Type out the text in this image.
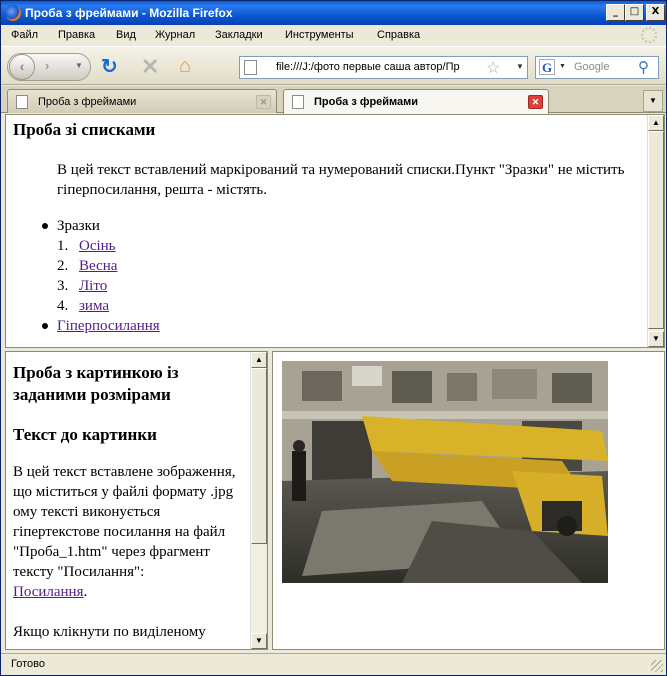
Проба з фреймами - Mozilla Firefox	_	□	X
Файл Правка Вид Журнал Закладки Инструменты Справка
‹	›	▼ ↻ ✕ ⌂	file:///J:/фото первые саша автор/Пр	☆ ▼ G ▼ Google ⚲
Проба з фреймами	✕	Проба з фреймами	✕	▼
Проба зі списками

В цей текст вставлений маркірований та нумерований списки.Пункт "Зразки" не містить гіперпосилання, решта - містять.

Зразки
1. Осінь
2. Весна
3. Літо
4. зима
Гіперпосилання
▲
▼
Проба з картинкою із заданими розмірами
Текст до картинки

В цей текст вставлене зображення, що міститься у файлі формату .jpg ому тексті виконується гіпертекстове посилання на файл "Проба_1.htm" через фрагмент тексту "Посилання":
Посилання.

Якщо клікнути по виділеному

▲
▼
Готово
